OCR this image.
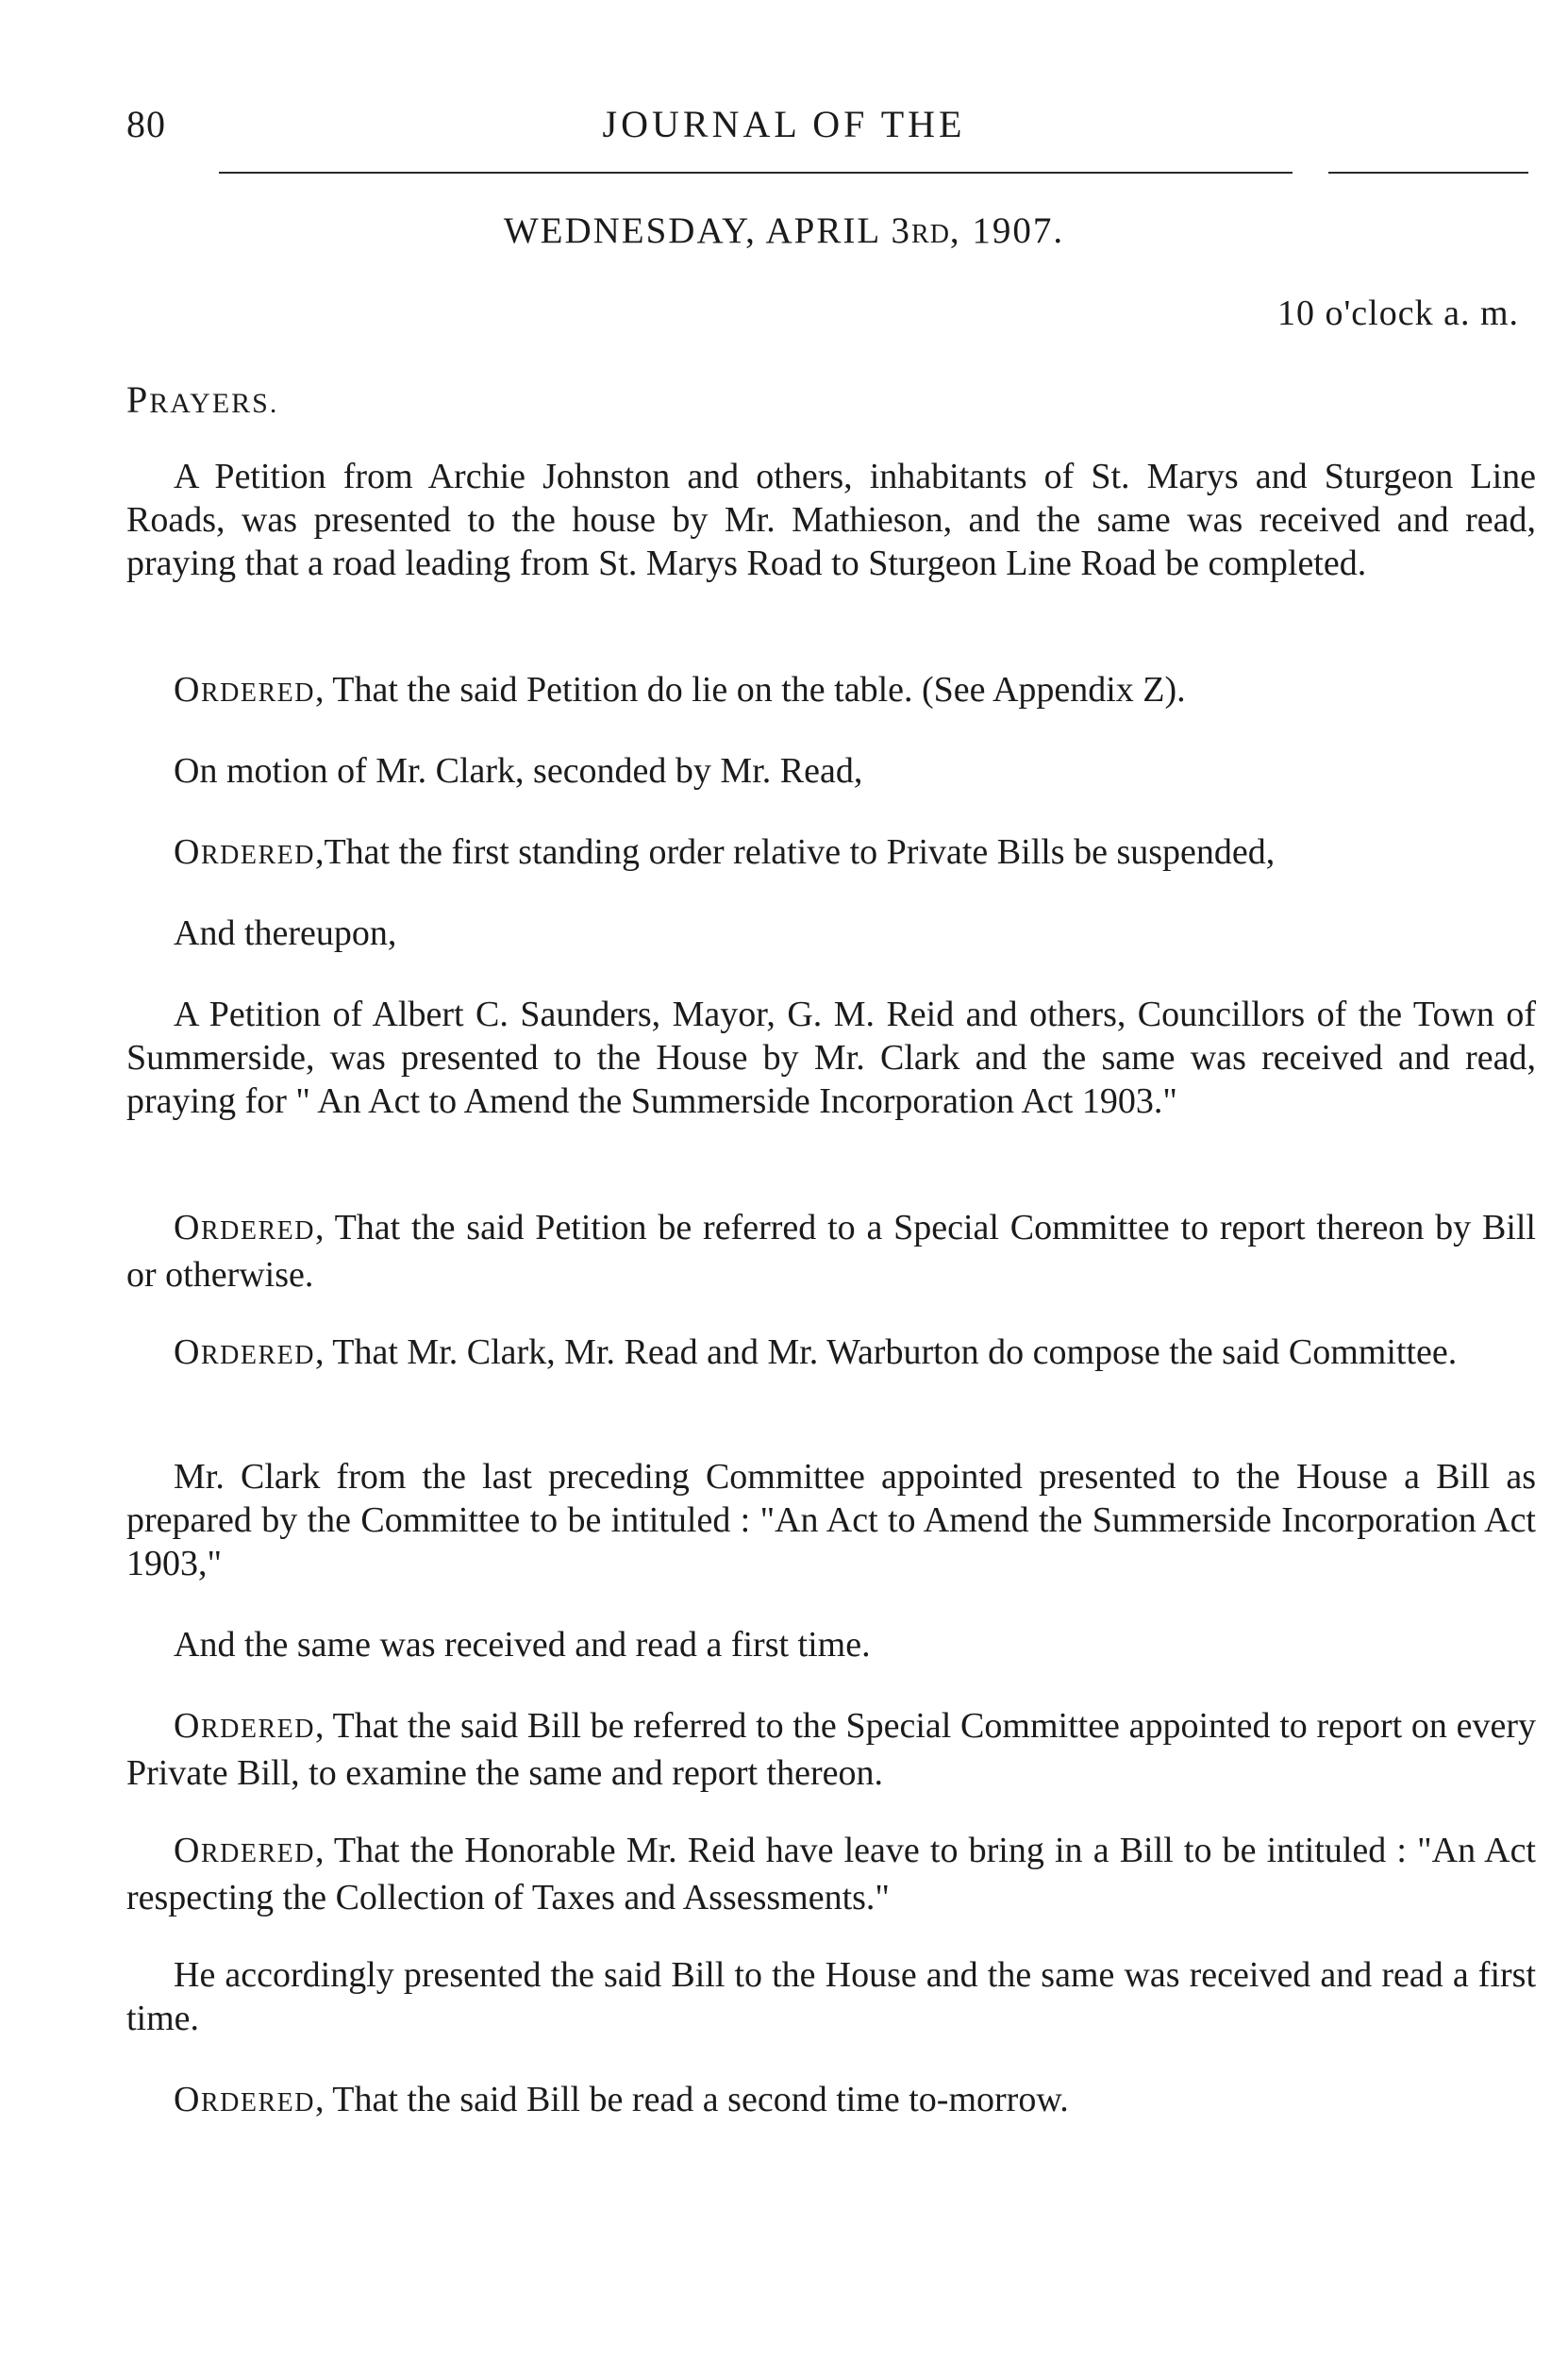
80	JOURNAL OF THE
WEDNESDAY, APRIL 3RD, 1907.
10 o'clock a. m.
PRAYERS.

A Petition from Archie Johnston and others, inhabitants of St. Marys and Sturgeon Line Roads, was presented to the house by Mr. Mathieson, and the same was received and read, praying that a road leading from St. Marys Road to Sturgeon Line Road be completed.

ORDERED, That the said Petition do lie on the table. (See Appendix Z).

On motion of Mr. Clark, seconded by Mr. Read,

ORDERED,That the first standing order relative to Private Bills be suspended,

And thereupon,

A Petition of Albert C. Saunders, Mayor, G. M. Reid and others, Councillors of the Town of Summerside, was presented to the House by Mr. Clark and the same was received and read, praying for " An Act to Amend the Summerside Incorporation Act 1903."

ORDERED, That the said Petition be referred to a Special Committee to report thereon by Bill or otherwise.

ORDERED, That Mr. Clark, Mr. Read and Mr. Warburton do compose the said Committee.

Mr. Clark from the last preceding Committee appointed presented to the House a Bill as prepared by the Committee to be intituled : "An Act to Amend the Summerside Incorporation Act 1903,"

And the same was received and read a first time.

ORDERED, That the said Bill be referred to the Special Committee appointed to report on every Private Bill, to examine the same and report thereon.

ORDERED, That the Honorable Mr. Reid have leave to bring in a Bill to be intituled : "An Act respecting the Collection of Taxes and Assessments."

He accordingly presented the said Bill to the House and the same was received and read a first time.

ORDERED, That the said Bill be read a second time to-morrow.
